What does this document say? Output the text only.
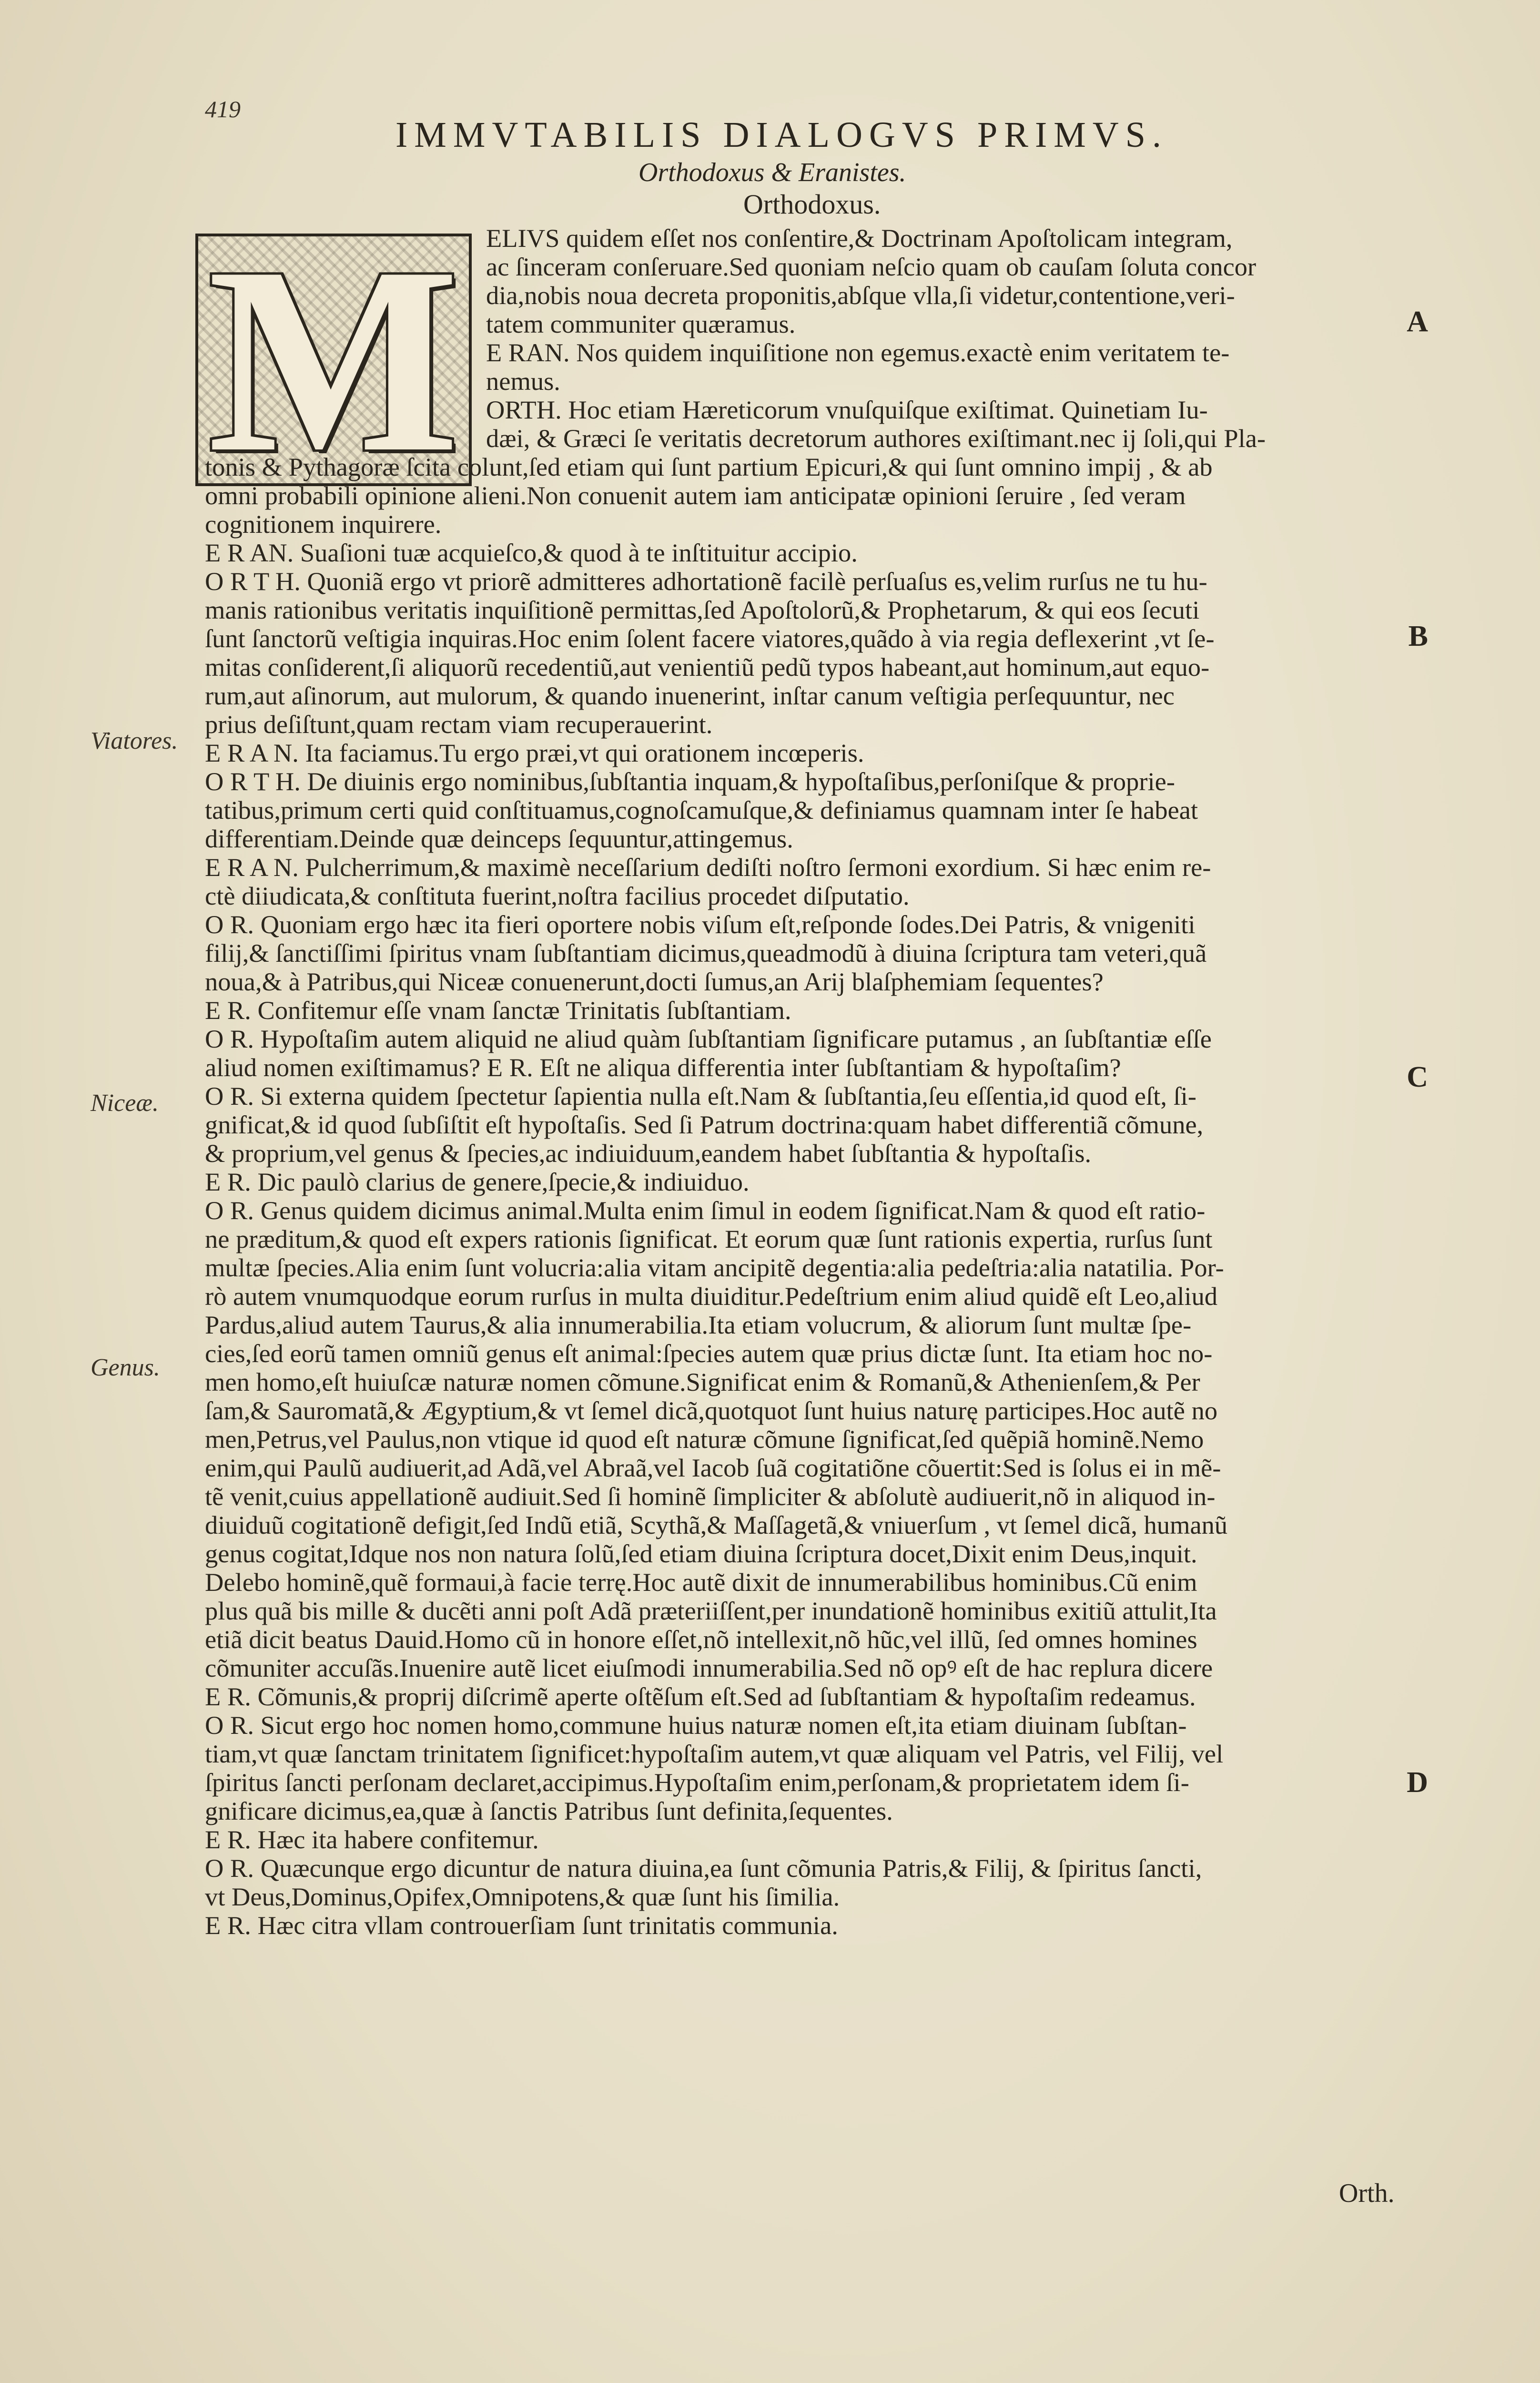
419
IMMVTABILIS DIALOGVS PRIMVS.
Orthodoxus & Eranistes.
Orthodoxus.
M	ELIVS quidem eſſet nos conſentire,& Doctrinam Apoſtolicam integram,
ac ſinceram conſeruare.Sed quoniam neſcio quam ob cauſam ſoluta concor
dia,nobis noua decreta proponitis,abſque vlla,ſi videtur,contentione,veri-
tatem communiter quæramus.
E RAN. Nos quidem inquiſitione non egemus.exactè enim veritatem te-
nemus.
ORTH. Hoc etiam Hæreticorum vnuſquiſque exiſtimat. Quinetiam Iu-
dæi, & Græci ſe veritatis decretorum authores exiſtimant.nec ij ſoli,qui Pla-
tonis & Pythagoræ ſcita colunt,ſed etiam qui ſunt partium Epicuri,& qui ſunt omnino impij , & ab
omni probabili opinione alieni.Non conuenit autem iam anticipatæ opinioni ſeruire , ſed veram
cognitionem inquirere.
E R AN. Suaſioni tuæ acquieſco,& quod à te inſtituitur accipio.
O R T H. Quoniã ergo vt priorẽ admitteres adhortationẽ facilè perſuaſus es,velim rurſus ne tu hu-
manis rationibus veritatis inquiſitionẽ permittas,ſed Apoſtolorũ,& Prophetarum, & qui eos ſecuti
ſunt ſanctorũ veſtigia inquiras.Hoc enim ſolent facere viatores,quãdo à via regia deflexerint ,vt ſe-
mitas conſiderent,ſi aliquorũ recedentiũ,aut venientiũ pedũ typos habeant,aut hominum,aut equo-
rum,aut aſinorum, aut mulorum, & quando inuenerint, inſtar canum veſtigia perſequuntur, nec
prius deſiſtunt,quam rectam viam recuperauerint.
E R A N. Ita faciamus.Tu ergo præi,vt qui orationem incœperis.
O R T H. De diuinis ergo nominibus,ſubſtantia inquam,& hypoſtaſibus,perſoniſque & proprie-
tatibus,primum certi quid conſtituamus,cognoſcamuſque,& definiamus quamnam inter ſe habeat
differentiam.Deinde quæ deinceps ſequuntur,attingemus.
E R A N. Pulcherrimum,& maximè neceſſarium dediſti noſtro ſermoni exordium. Si hæc enim re-
ctè diiudicata,& conſtituta fuerint,noſtra facilius procedet diſputatio.
O R. Quoniam ergo hæc ita fieri oportere nobis viſum eſt,reſponde ſodes.Dei Patris, & vnigeniti
filij,& ſanctiſſimi ſpiritus vnam ſubſtantiam dicimus,queadmodũ à diuina ſcriptura tam veteri,quã
noua,& à Patribus,qui Niceæ conuenerunt,docti ſumus,an Arij blaſphemiam ſequentes?
E R. Confitemur eſſe vnam ſanctæ Trinitatis ſubſtantiam.
O R. Hypoſtaſim autem aliquid ne aliud quàm ſubſtantiam ſignificare putamus , an ſubſtantiæ eſſe
aliud nomen exiſtimamus? E R. Eſt ne aliqua differentia inter ſubſtantiam & hypoſtaſim?
O R. Si externa quidem ſpectetur ſapientia nulla eſt.Nam & ſubſtantia,ſeu eſſentia,id quod eſt, ſi-
gnificat,& id quod ſubſiſtit eſt hypoſtaſis. Sed ſi Patrum doctrina:quam habet differentiã cõmune,
& proprium,vel genus & ſpecies,ac indiuiduum,eandem habet ſubſtantia & hypoſtaſis.
E R. Dic paulò clarius de genere,ſpecie,& indiuiduo.
O R. Genus quidem dicimus animal.Multa enim ſimul in eodem ſignificat.Nam & quod eſt ratio-
ne præditum,& quod eſt expers rationis ſignificat. Et eorum quæ ſunt rationis expertia, rurſus ſunt
multæ ſpecies.Alia enim ſunt volucria:alia vitam ancipitẽ degentia:alia pedeſtria:alia natatilia. Por-
rò autem vnumquodque eorum rurſus in multa diuiditur.Pedeſtrium enim aliud quidẽ eſt Leo,aliud
Pardus,aliud autem Taurus,& alia innumerabilia.Ita etiam volucrum, & aliorum ſunt multæ ſpe-
cies,ſed eorũ tamen omniũ genus eſt animal:ſpecies autem quæ prius dictæ ſunt. Ita etiam hoc no-
men homo,eſt huiuſcæ naturæ nomen cõmune.Significat enim & Romanũ,& Athenienſem,& Per
ſam,& Sauromatã,& Ægyptium,& vt ſemel dicã,quotquot ſunt huius naturę participes.Hoc autẽ no
men,Petrus,vel Paulus,non vtique id quod eſt naturæ cõmune ſignificat,ſed quẽpiã hominẽ.Nemo
enim,qui Paulũ audiuerit,ad Adã,vel Abraã,vel Iacob ſuã cogitatiõne cõuertit:Sed is ſolus ei in mẽ-
tẽ venit,cuius appellationẽ audiuit.Sed ſi hominẽ ſimpliciter & abſolutè audiuerit,nõ in aliquod in-
diuiduũ cogitationẽ defigit,ſed Indũ etiã, Scythã,& Maſſagetã,& vniuerſum , vt ſemel dicã, humanũ
genus cogitat,Idque nos non natura ſolũ,ſed etiam diuina ſcriptura docet,Dixit enim Deus,inquit.
Delebo hominẽ,quẽ formaui,à facie terrę.Hoc autẽ dixit de innumerabilibus hominibus.Cũ enim
plus quã bis mille & ducẽti anni poſt Adã præteriiſſent,per inundationẽ hominibus exitiũ attulit,Ita
etiã dicit beatus Dauid.Homo cũ in honore eſſet,nõ intellexit,nõ hũc,vel illũ, ſed omnes homines
cõmuniter accuſãs.Inuenire autẽ licet eiuſmodi innumerabilia.Sed nõ opꝰ eſt de hac replura dicere
E R. Cõmunis,& proprij diſcrimẽ aperte oſtẽſum eſt.Sed ad ſubſtantiam & hypoſtaſim redeamus.
O R. Sicut ergo hoc nomen homo,commune huius naturæ nomen eſt,ita etiam diuinam ſubſtan-
tiam,vt quæ ſanctam trinitatem ſignificet:hypoſtaſim autem,vt quæ aliquam vel Patris, vel Filij, vel
ſpiritus ſancti perſonam declaret,accipimus.Hypoſtaſim enim,perſonam,& proprietatem idem ſi-
gnificare dicimus,ea,quæ à ſanctis Patribus ſunt definita,ſequentes.
E R. Hæc ita habere confitemur.
O R. Quæcunque ergo dicuntur de natura diuina,ea ſunt cõmunia Patris,& Filij, & ſpiritus ſancti,
vt Deus,Dominus,Opifex,Omnipotens,& quæ ſunt his ſimilia.
E R. Hæc citra vllam controuerſiam ſunt trinitatis communia.
Viatores.
Niceæ.
Genus.
A
B
C
D
Orth.
